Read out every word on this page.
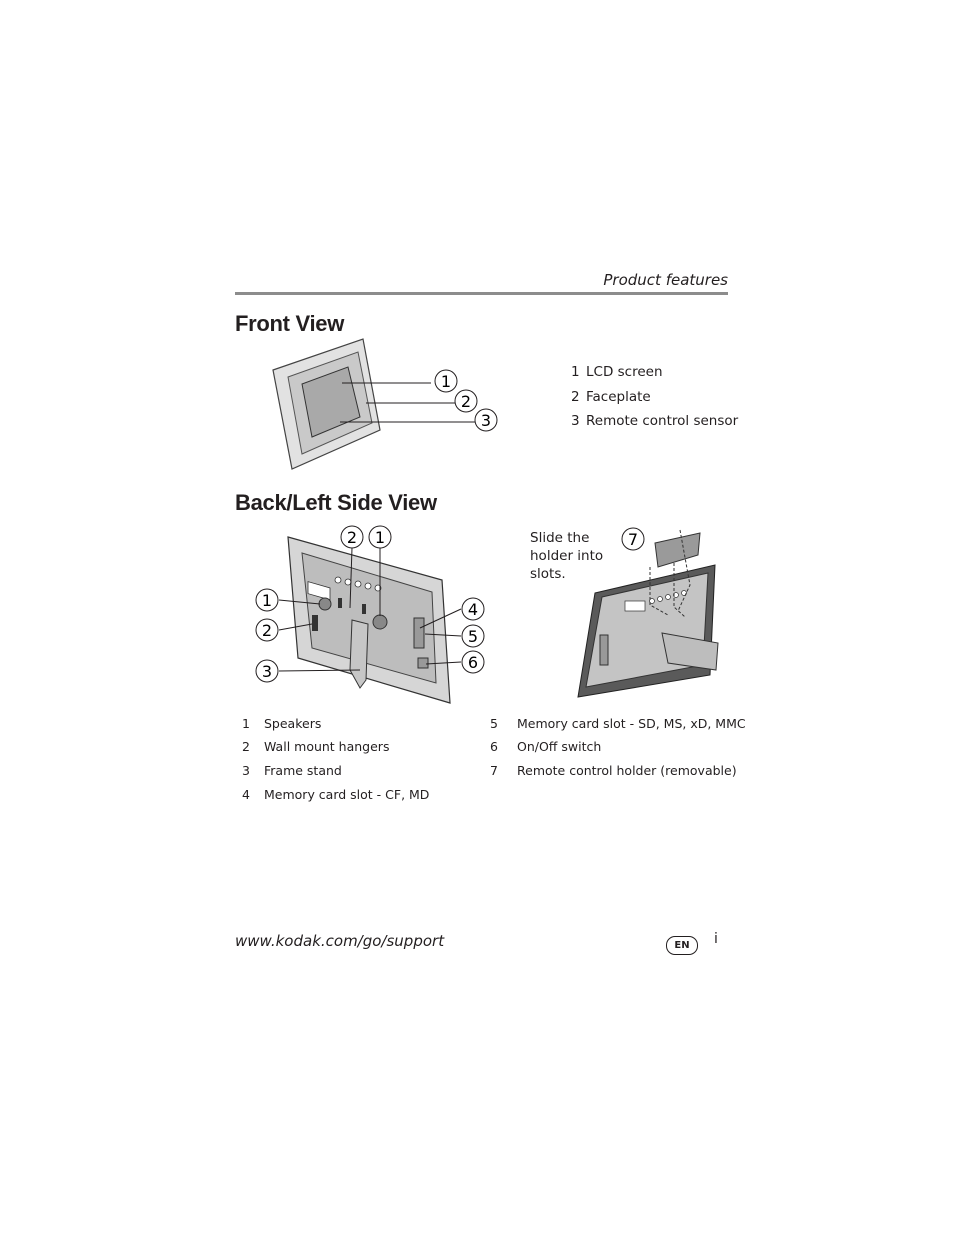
Product features
Front View
1
2
3
1 LCD screen
2 Faceplate
3 Remote control sensor
Back/Left Side View
2 1
1
2
3
4
5
6
Slide the holder into slots.
7
1 Speakers
2 Wall mount hangers
3 Frame stand
4 Memory card slot - CF, MD
5 Memory card slot - SD, MS, xD, MMC
6 On/Off switch
7 Remote control holder (removable)
www.kodak.com/go/support	EN	i
